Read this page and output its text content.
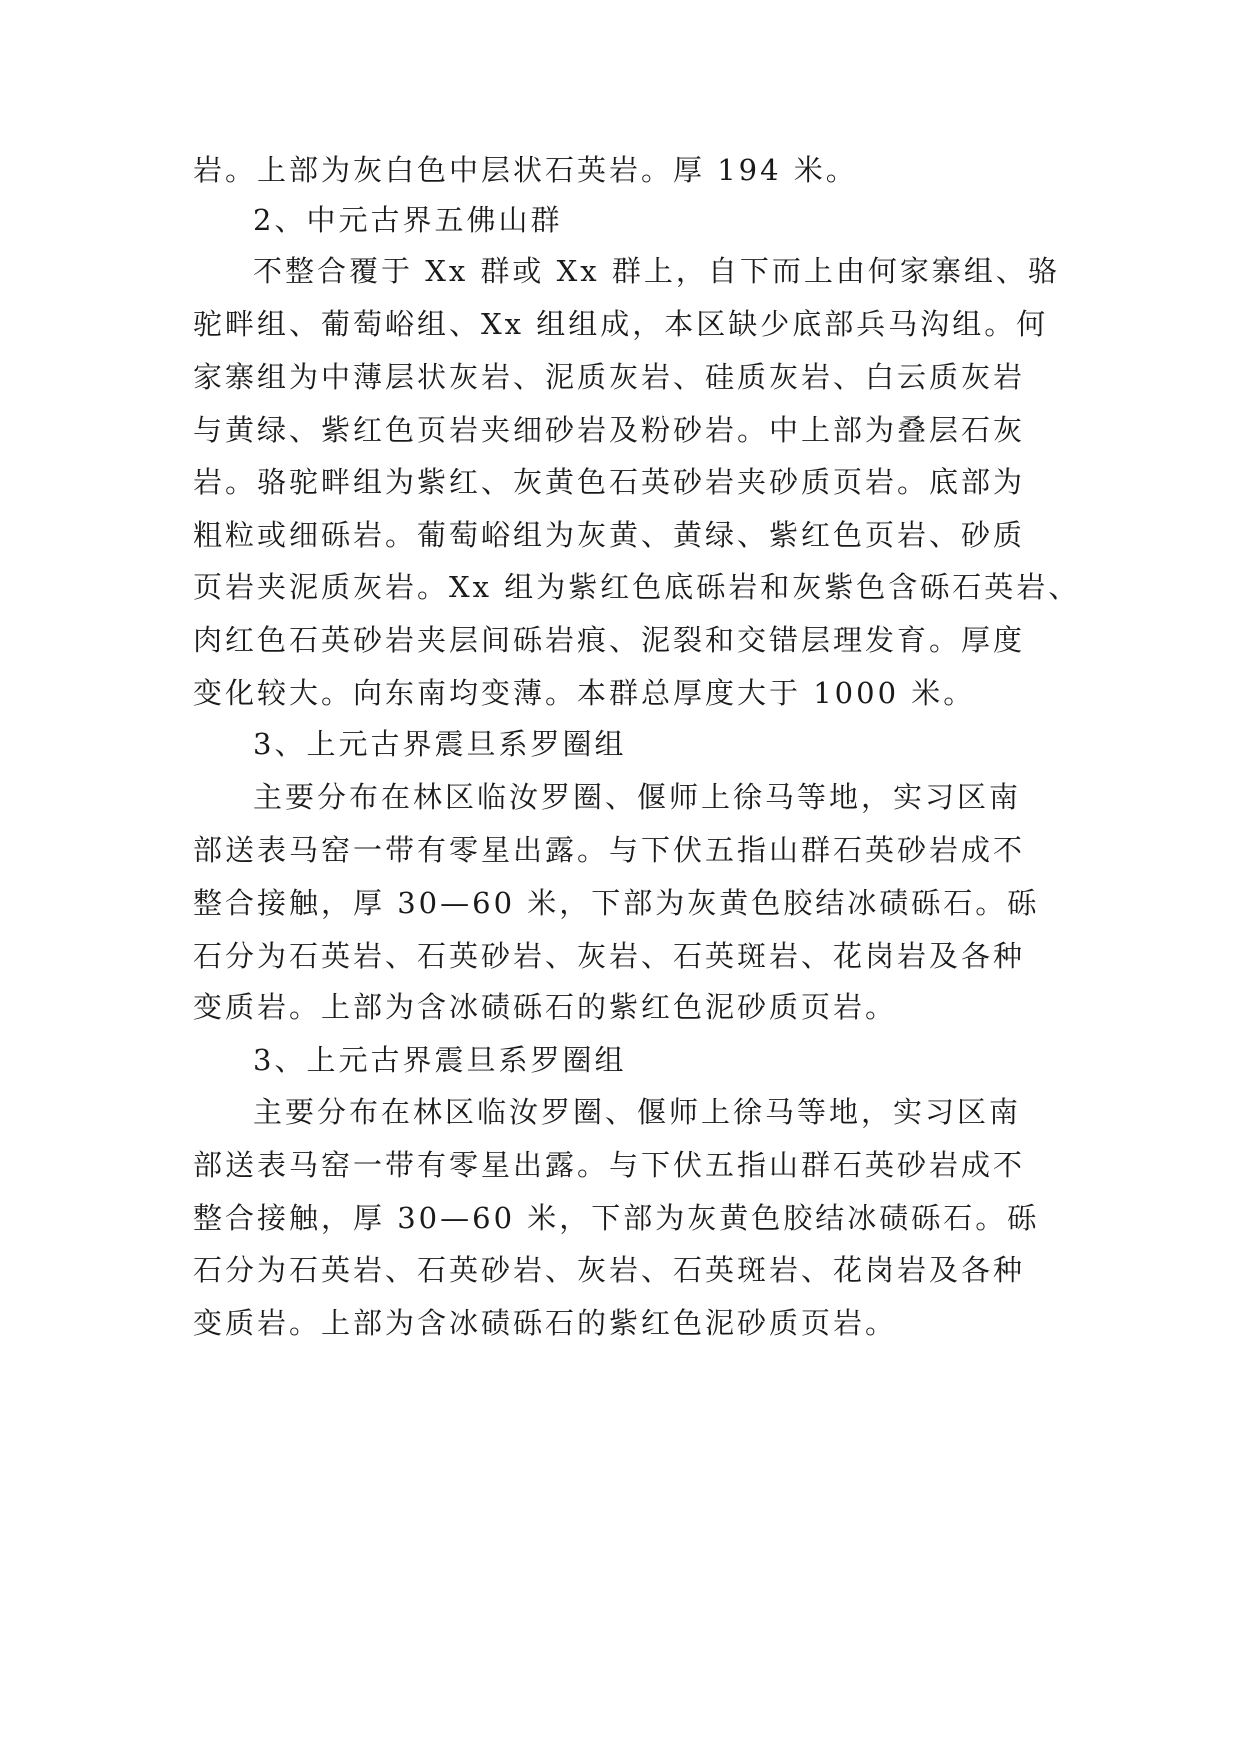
岩。上部为灰白色中层状石英岩。厚 194 米。
2、中元古界五佛山群
不整合覆于 Xx 群或 Xx 群上，自下而上由何家寨组、骆
驼畔组、葡萄峪组、Xx 组组成，本区缺少底部兵马沟组。何
家寨组为中薄层状灰岩、泥质灰岩、硅质灰岩、白云质灰岩
与黄绿、紫红色页岩夹细砂岩及粉砂岩。中上部为叠层石灰
岩。骆驼畔组为紫红、灰黄色石英砂岩夹砂质页岩。底部为
粗粒或细砾岩。葡萄峪组为灰黄、黄绿、紫红色页岩、砂质
页岩夹泥质灰岩。Xx 组为紫红色底砾岩和灰紫色含砾石英岩、
肉红色石英砂岩夹层间砾岩痕、泥裂和交错层理发育。厚度
变化较大。向东南均变薄。本群总厚度大于 1000 米。
3、上元古界震旦系罗圈组
主要分布在林区临汝罗圈、偃师上徐马等地，实习区南
部送表马窑一带有零星出露。与下伏五指山群石英砂岩成不
整合接触，厚 30—60 米，下部为灰黄色胶结冰碛砾石。砾
石分为石英岩、石英砂岩、灰岩、石英斑岩、花岗岩及各种
变质岩。上部为含冰碛砾石的紫红色泥砂质页岩。
3、上元古界震旦系罗圈组
主要分布在林区临汝罗圈、偃师上徐马等地，实习区南
部送表马窑一带有零星出露。与下伏五指山群石英砂岩成不
整合接触，厚 30—60 米，下部为灰黄色胶结冰碛砾石。砾
石分为石英岩、石英砂岩、灰岩、石英斑岩、花岗岩及各种
变质岩。上部为含冰碛砾石的紫红色泥砂质页岩。
